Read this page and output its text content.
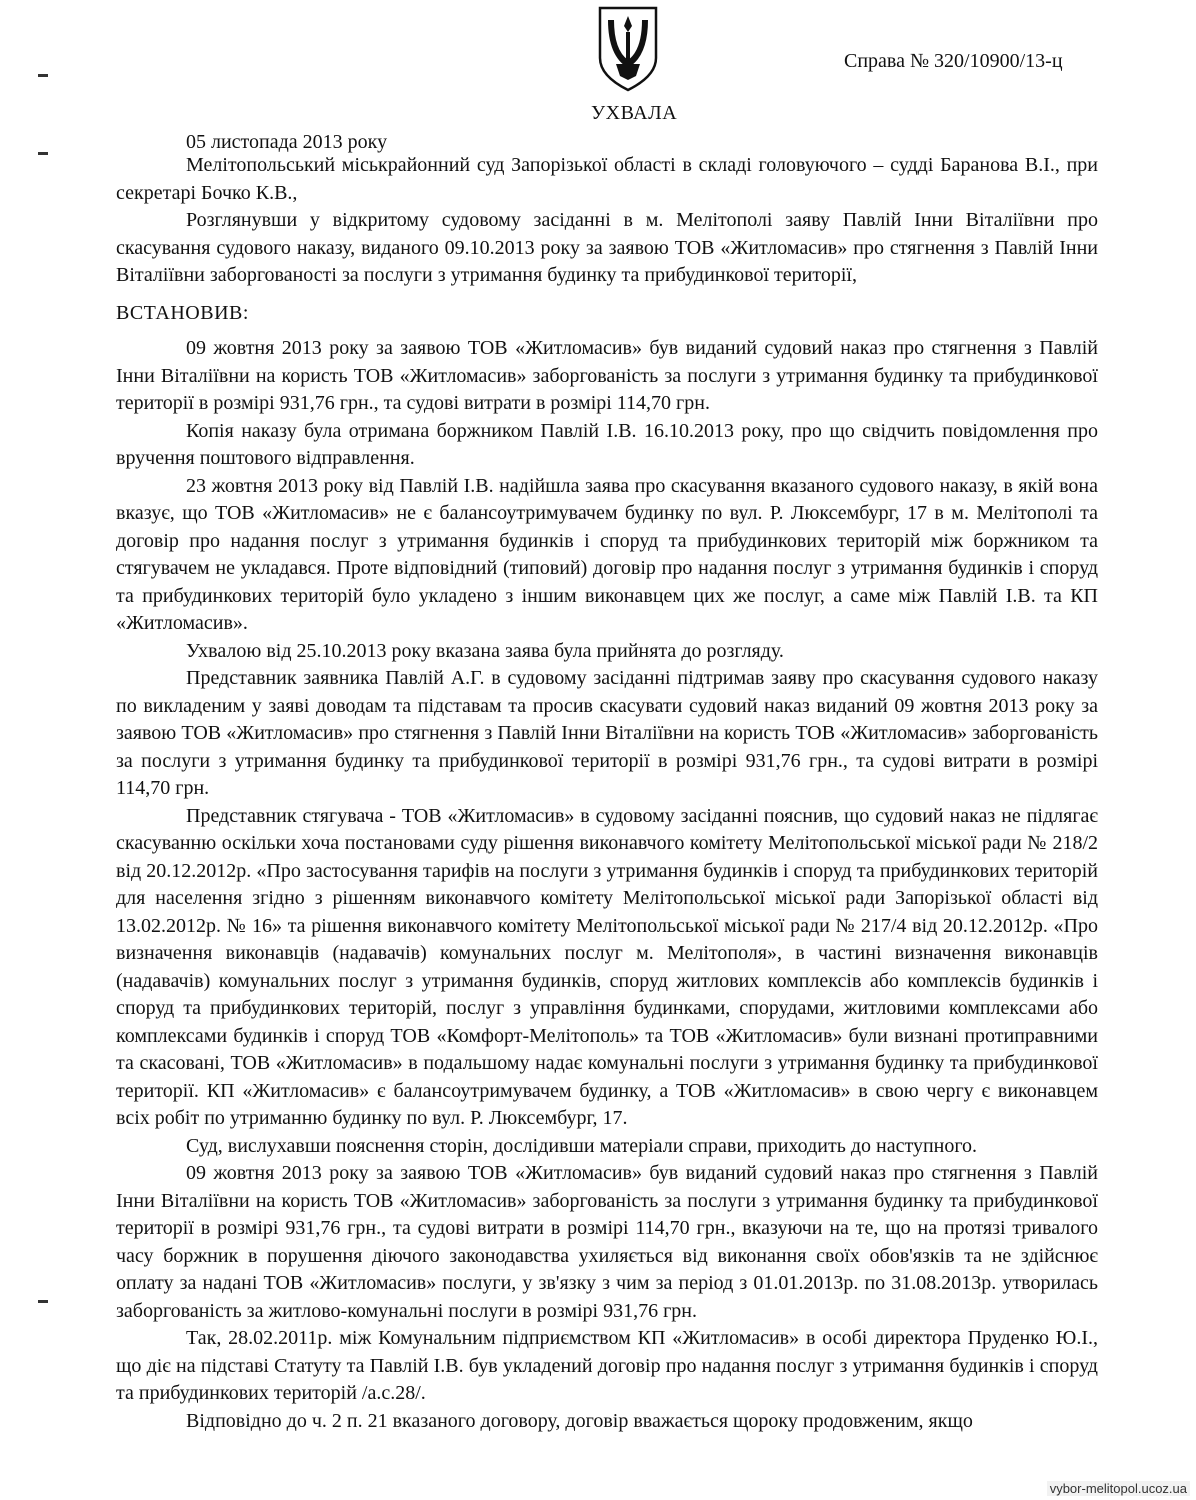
Справа № 320/10900/13-ц
УХВАЛА
05 листопада 2013 року

Мелітопольський міськрайонний суд Запорізької області в складі головуючого – судді Баранова В.І., при секретарі Бочко К.В.,

Розглянувши у відкритому судовому засіданні в м. Мелітополі заяву Павлій Інни Віталіївни про скасування судового наказу, виданого 09.10.2013 року за заявою ТОВ «Житломасив» про стягнення з Павлій Інни Віталіївни заборгованості за послуги з утримання будинку та прибудинкової території,

ВСТАНОВИВ:

09 жовтня 2013 року за заявою ТОВ «Житломасив» був виданий судовий наказ про стягнення з Павлій Інни Віталіївни на користь ТОВ «Житломасив» заборгованість за послуги з утримання будинку та прибудинкової території в розмірі 931,76 грн., та судові витрати в розмірі 114,70 грн.

Копія наказу була отримана боржником Павлій І.В. 16.10.2013 року, про що свідчить повідомлення про вручення поштового відправлення.

23 жовтня 2013 року від Павлій І.В. надійшла заява про скасування вказаного судового наказу, в якій вона вказує, що ТОВ «Житломасив» не є балансоутримувачем будинку по вул. Р. Люксембург, 17 в м. Мелітополі та договір про надання послуг з утримання будинків і споруд та прибудинкових територій між боржником та стягувачем не укладався. Проте відповідний (типовий) договір про надання послуг з утримання будинків і споруд та прибудинкових територій було укладено з іншим виконавцем цих же послуг, а саме між Павлій І.В. та КП «Житломасив».

Ухвалою від 25.10.2013 року вказана заява була прийнята до розгляду.

Представник заявника Павлій А.Г. в судовому засіданні підтримав заяву про скасування судового наказу по викладеним у заяві доводам та підставам та просив скасувати судовий наказ виданий 09 жовтня 2013 року за заявою ТОВ «Житломасив» про стягнення з Павлій Інни Віталіївни на користь ТОВ «Житломасив» заборгованість за послуги з утримання будинку та прибудинкової території в розмірі 931,76 грн., та судові витрати в розмірі 114,70 грн.

Представник стягувача - ТОВ «Житломасив» в судовому засіданні пояснив, що судовий наказ не підлягає скасуванню оскільки хоча постановами суду рішення виконавчого комітету Мелітопольської міської ради № 218/2 від 20.12.2012р. «Про застосування тарифів на послуги з утримання будинків і споруд та прибудинкових територій для населення згідно з рішенням виконавчого комітету Мелітопольської міської ради Запорізької області від 13.02.2012р. № 16» та рішення виконавчого комітету Мелітопольської міської ради № 217/4 від 20.12.2012р. «Про визначення виконавців (надавачів) комунальних послуг м. Мелітополя», в частині визначення виконавців (надавачів) комунальних послуг з утримання будинків, споруд житлових комплексів або комплексів будинків і споруд та прибудинкових територій, послуг з управління будинками, спорудами, житловими комплексами або комплексами будинків і споруд ТОВ «Комфорт-Мелітополь» та ТОВ «Житломасив» були визнані протиправними та скасовані, ТОВ «Житломасив» в подальшому надає комунальні послуги з утримання будинку та прибудинкової території. КП «Житломасив» є балансоутримувачем будинку, а ТОВ «Житломасив» в свою чергу є виконавцем всіх робіт по утриманню будинку по вул. Р. Люксембург, 17.

Суд, вислухавши пояснення сторін, дослідивши матеріали справи, приходить до наступного.

09 жовтня 2013 року за заявою ТОВ «Житломасив» був виданий судовий наказ про стягнення з Павлій Інни Віталіївни на користь ТОВ «Житломасив» заборгованість за послуги з утримання будинку та прибудинкової території в розмірі 931,76 грн., та судові витрати в розмірі 114,70 грн., вказуючи на те, що на протязі тривалого часу боржник в порушення діючого законодавства ухиляється від виконання своїх обов'язків та не здійснює оплату за надані ТОВ «Житломасив» послуги, у зв'язку з чим за період з 01.01.2013р. по 31.08.2013р. утворилась заборгованість за житлово-комунальні послуги в розмірі 931,76 грн.

Так, 28.02.2011р. між Комунальним підприємством КП «Житломасив» в особі директора Пруденко Ю.І., що діє на підставі Статуту та Павлій І.В. був укладений договір про надання послуг з утримання будинків і споруд та прибудинкових територій /а.с.28/.

Відповідно до ч. 2 п. 21 вказаного договору, договір вважається щороку продовженим, якщо

vybor-melitopol.ucoz.ua
